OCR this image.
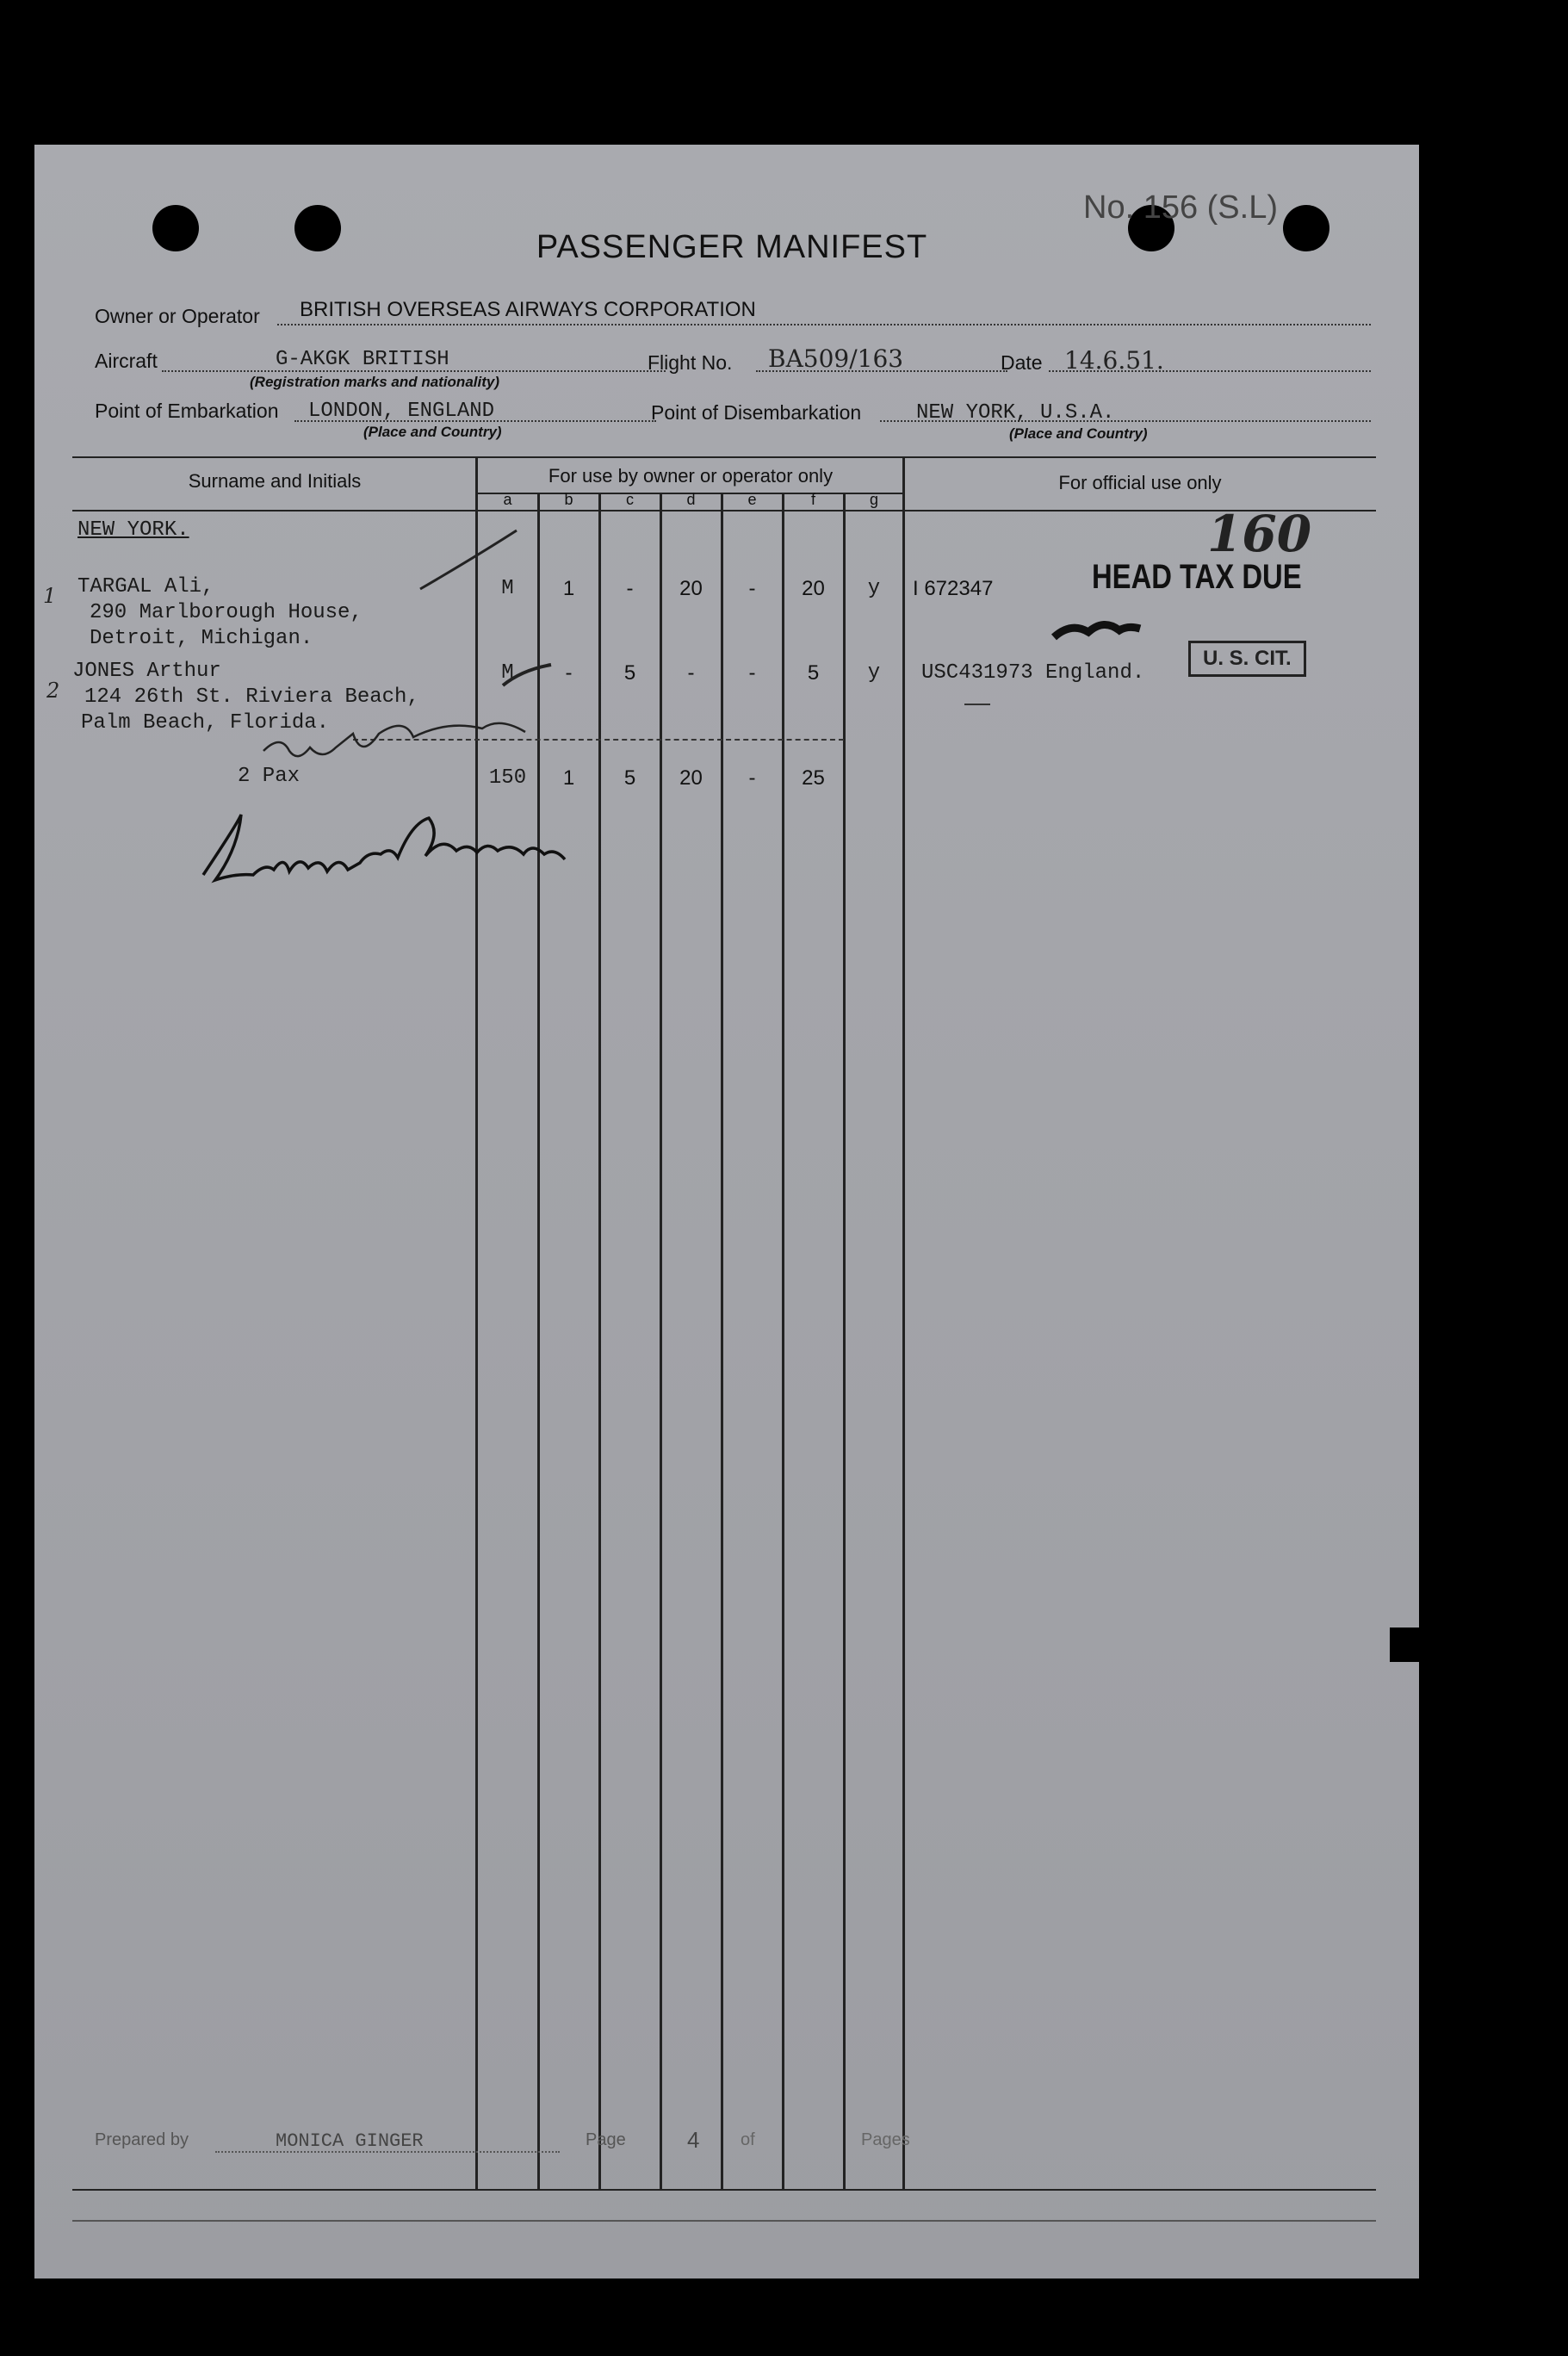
No. 156 (S.L)
PASSENGER MANIFEST
Owner or Operator BRITISH OVERSEAS AIRWAYS CORPORATION
Aircraft	G-AKGK BRITISH
(Registration marks and nationality)
Flight No. BA509/163	Date 14.6.51.
Point of Embarkation LONDON, ENGLAND
(Place and Country)
Point of Disembarkation	NEW YORK, U.S.A.
(Place and Country)
Surname and Initials	For use by owner or operator only	For official use only
a	b	c	d	e	f	g
NEW YORK.
1 TARGAL Ali,
290 Marlborough House,
Detroit, Michigan.
M	1	-	20	-	20	y	I 672347
2
JONES Arthur
124 26th St. Riviera Beach,
Palm Beach, Florida.
M	-	5	-	-	5	y	USC431973 England.
2 Pax	150	1	5	20	-	25
160
HEAD TAX DUE
U. S. CIT.
Prepared by	MONICA GINGER	Page	4 of	Pages
